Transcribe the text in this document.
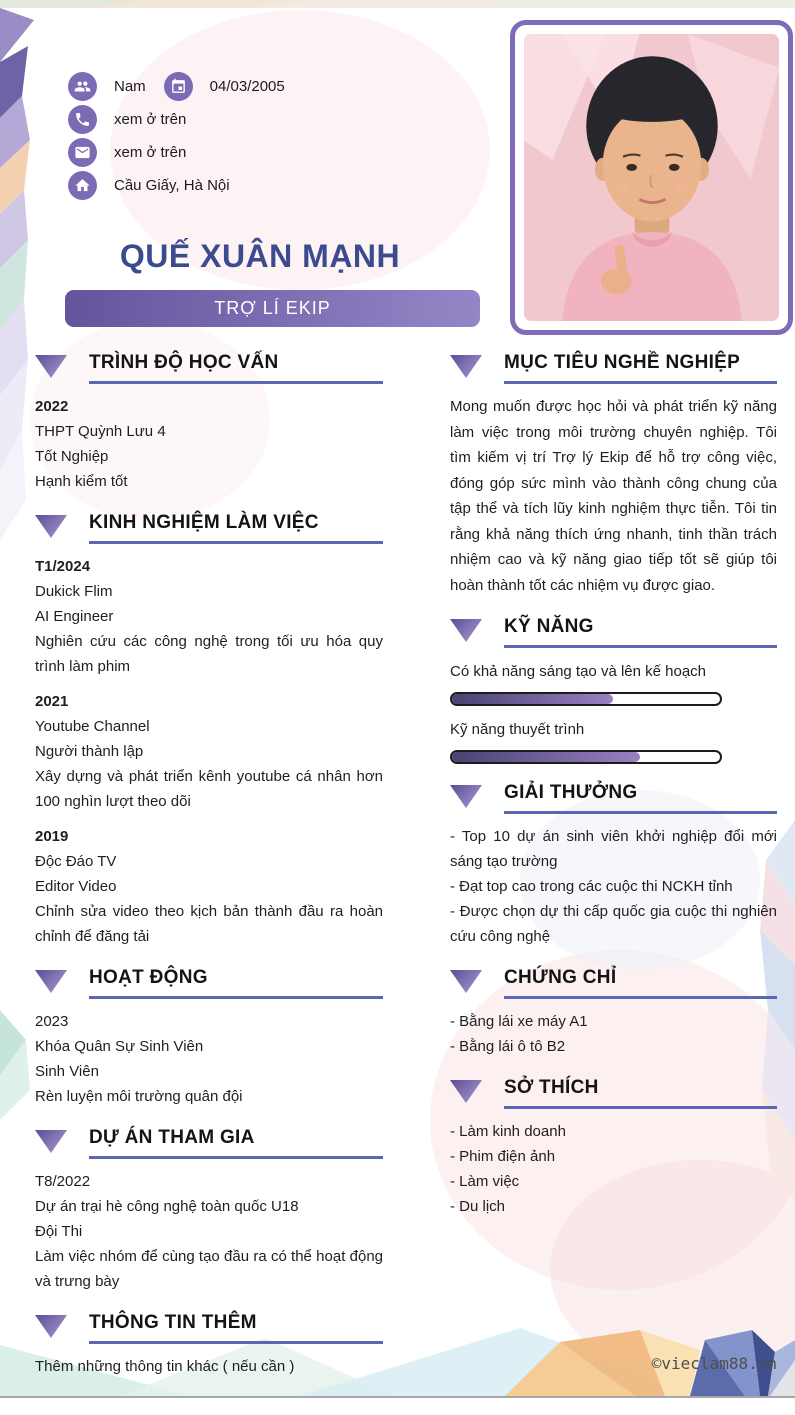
Nam	04/03/2005
xem ở trên
xem ở trên
Cầu Giấy, Hà Nội
QUẾ XUÂN MẠNH
TRỢ LÍ EKIP
TRÌNH ĐỘ HỌC VẤN
2022
THPT Quỳnh Lưu 4
Tốt Nghiệp
Hạnh kiểm tốt
KINH NGHIỆM LÀM VIỆC
T1/2024
Dukick Flim
AI Engineer
Nghiên cứu các công nghệ trong tối ưu hóa quy trình làm phim
2021
Youtube Channel
Người thành lập
Xây dựng và phát triển kênh youtube cá nhân hơn 100 nghìn lượt theo dõi
2019
Độc Đáo TV
Editor Video
Chỉnh sửa video theo kịch bản thành đầu ra hoàn chỉnh để đăng tải
HOẠT ĐỘNG
2023
Khóa Quân Sự Sinh Viên
Sinh Viên
Rèn luyện môi trường quân đội
DỰ ÁN THAM GIA
T8/2022
Dự án trại hè công nghệ toàn quốc U18
Đội Thi
Làm việc nhóm để cùng tạo đầu ra có thể hoạt động và trưng bày
THÔNG TIN THÊM
Thêm những thông tin khác ( nếu cần )
MỤC TIÊU NGHỀ NGHIỆP

Mong muốn được học hỏi và phát triển kỹ năng làm việc trong môi trường chuyên nghiệp. Tôi tìm kiếm vị trí Trợ lý Ekip để hỗ trợ công việc, đóng góp sức mình vào thành công chung của tập thể và tích lũy kinh nghiệm thực tiễn. Tôi tin rằng khả năng thích ứng nhanh, tinh thần trách nhiệm cao và kỹ năng giao tiếp tốt sẽ giúp tôi hoàn thành tốt các nhiệm vụ được giao.

KỸ NĂNG
Có khả năng sáng tạo và lên kế hoạch
Kỹ năng thuyết trình
GIẢI THƯỞNG
- Top 10 dự án sinh viên khởi nghiệp đổi mới sáng tạo trường
- Đạt top cao trong các cuộc thi NCKH tỉnh
- Được chọn dự thi cấp quốc gia cuộc thi nghiên cứu công nghệ
CHỨNG CHỈ
- Bằng lái xe máy A1
- Bằng lái ô tô B2
SỞ THÍCH
- Làm kinh doanh
- Phim điện ảnh
- Làm việc
- Du lịch
©vieclam88.vn
